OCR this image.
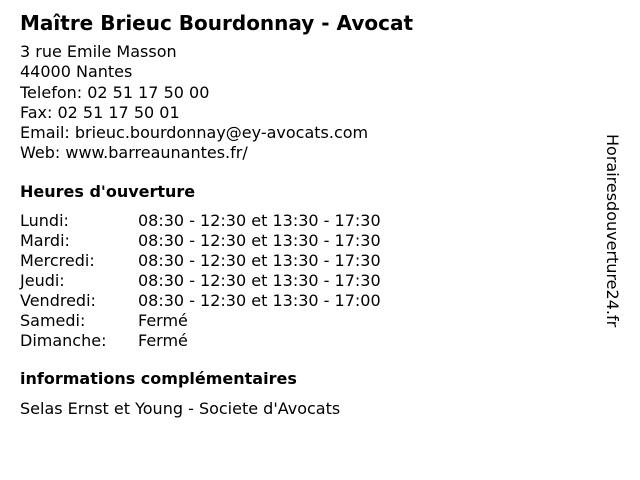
Maître Brieuc Bourdonnay - Avocat
3 rue Emile Masson
44000 Nantes
Telefon: 02 51 17 50 00
Fax: 02 51 17 50 01
Email: brieuc.bourdonnay@ey-avocats.com
Web: www.barreaunantes.fr/
Heures d'ouverture
Lundi:	08:30 - 12:30 et 13:30 - 17:30
Mardi:	08:30 - 12:30 et 13:30 - 17:30
Mercredi:	08:30 - 12:30 et 13:30 - 17:30
Jeudi:	08:30 - 12:30 et 13:30 - 17:30
Vendredi:	08:30 - 12:30 et 13:30 - 17:00
Samedi:	Fermé
Dimanche:	Fermé
informations complémentaires
Selas Ernst et Young - Societe d'Avocats
Horairesdouverture24.fr
